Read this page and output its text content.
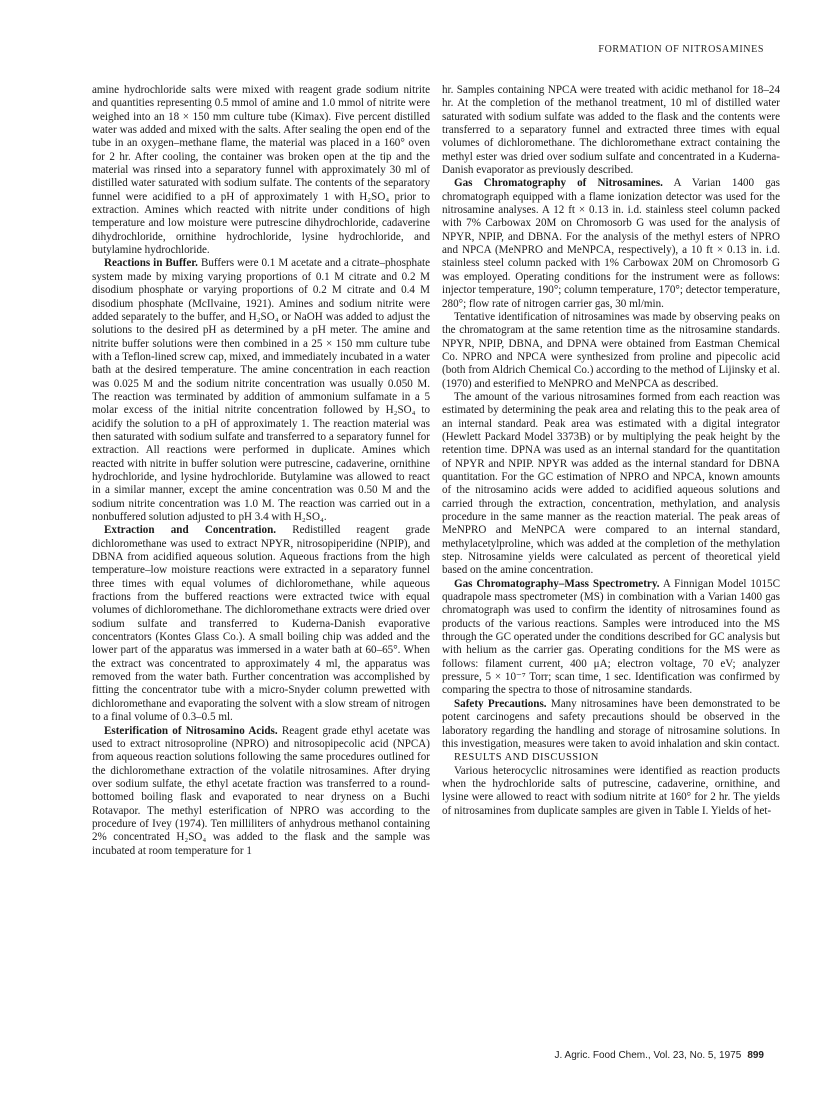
FORMATION OF NITROSAMINES

amine hydrochloride salts were mixed with reagent grade sodium nitrite and quantities representing 0.5 mmol of amine and 1.0 mmol of nitrite were weighed into an 18 × 150 mm culture tube (Kimax). Five percent distilled water was added and mixed with the salts. After sealing the open end of the tube in an oxygen–methane flame, the material was placed in a 160° oven for 2 hr. After cooling, the container was broken open at the tip and the material was rinsed into a separatory funnel with approximately 30 ml of distilled water saturated with sodium sulfate. The contents of the separatory funnel were acidified to a pH of approximately 1 with H₂SO₄ prior to extraction. Amines which reacted with nitrite under conditions of high temperature and low moisture were putrescine dihydrochloride, cadaverine dihydrochloride, ornithine hydrochloride, lysine hydrochloride, and butylamine hydrochloride.

Reactions in Buffer. Buffers were 0.1 M acetate and a citrate–phosphate system made by mixing varying proportions of 0.1 M citrate and 0.2 M disodium phosphate or varying proportions of 0.2 M citrate and 0.4 M disodium phosphate (McIlvaine, 1921). Amines and sodium nitrite were added separately to the buffer, and H₂SO₄ or NaOH was added to adjust the solutions to the desired pH as determined by a pH meter. The amine and nitrite buffer solutions were then combined in a 25 × 150 mm culture tube with a Teflon-lined screw cap, mixed, and immediately incubated in a water bath at the desired temperature. The amine concentration in each reaction was 0.025 M and the sodium nitrite concentration was usually 0.050 M. The reaction was terminated by addition of ammonium sulfamate in a 5 molar excess of the initial nitrite concentration followed by H₂SO₄ to acidify the solution to a pH of approximately 1. The reaction material was then saturated with sodium sulfate and transferred to a separatory funnel for extraction. All reactions were performed in duplicate. Amines which reacted with nitrite in buffer solution were putrescine, cadaverine, ornithine hydrochloride, and lysine hydrochloride. Butylamine was allowed to react in a similar manner, except the amine concentration was 0.50 M and the sodium nitrite concentration was 1.0 M. The reaction was carried out in a nonbuffered solution adjusted to pH 3.4 with H₂SO₄.

Extraction and Concentration. Redistilled reagent grade dichloromethane was used to extract NPYR, nitrosopiperidine (NPIP), and DBNA from acidified aqueous solution. Aqueous fractions from the high temperature–low moisture reactions were extracted in a separatory funnel three times with equal volumes of dichloromethane, while aqueous fractions from the buffered reactions were extracted twice with equal volumes of dichloromethane. The dichloromethane extracts were dried over sodium sulfate and transferred to Kuderna-Danish evaporative concentrators (Kontes Glass Co.). A small boiling chip was added and the lower part of the apparatus was immersed in a water bath at 60–65°. When the extract was concentrated to approximately 4 ml, the apparatus was removed from the water bath. Further concentration was accomplished by fitting the concentrator tube with a micro-Snyder column prewetted with dichloromethane and evaporating the solvent with a slow stream of nitrogen to a final volume of 0.3–0.5 ml.

Esterification of Nitrosamino Acids. Reagent grade ethyl acetate was used to extract nitrosoproline (NPRO) and nitrosopipecolic acid (NPCA) from aqueous reaction solutions following the same procedures outlined for the dichloromethane extraction of the volatile nitrosamines. After drying over sodium sulfate, the ethyl acetate fraction was transferred to a round-bottomed boiling flask and evaporated to near dryness on a Buchi Rotavapor. The methyl esterification of NPRO was according to the procedure of Ivey (1974). Ten milliliters of anhydrous methanol containing 2% concentrated H₂SO₄ was added to the flask and the sample was incubated at room temperature for 1

hr. Samples containing NPCA were treated with acidic methanol for 18–24 hr. At the completion of the methanol treatment, 10 ml of distilled water saturated with sodium sulfate was added to the flask and the contents were transferred to a separatory funnel and extracted three times with equal volumes of dichloromethane. The dichloromethane extract containing the methyl ester was dried over sodium sulfate and concentrated in a Kuderna-Danish evaporator as previously described.

Gas Chromatography of Nitrosamines. A Varian 1400 gas chromatograph equipped with a flame ionization detector was used for the nitrosamine analyses. A 12 ft × 0.13 in. i.d. stainless steel column packed with 7% Carbowax 20M on Chromosorb G was used for the analysis of NPYR, NPIP, and DBNA. For the analysis of the methyl esters of NPRO and NPCA (MeNPRO and MeNPCA, respectively), a 10 ft × 0.13 in. i.d. stainless steel column packed with 1% Carbowax 20M on Chromosorb G was employed. Operating conditions for the instrument were as follows: injector temperature, 190°; column temperature, 170°; detector temperature, 280°; flow rate of nitrogen carrier gas, 30 ml/min.

Tentative identification of nitrosamines was made by observing peaks on the chromatogram at the same retention time as the nitrosamine standards. NPYR, NPIP, DBNA, and DPNA were obtained from Eastman Chemical Co. NPRO and NPCA were synthesized from proline and pipecolic acid (both from Aldrich Chemical Co.) according to the method of Lijinsky et al. (1970) and esterified to MeNPRO and MeNPCA as described.

The amount of the various nitrosamines formed from each reaction was estimated by determining the peak area and relating this to the peak area of an internal standard. Peak area was estimated with a digital integrator (Hewlett Packard Model 3373B) or by multiplying the peak height by the retention time. DPNA was used as an internal standard for the quantitation of NPYR and NPIP. NPYR was added as the internal standard for DBNA quantitation. For the GC estimation of NPRO and NPCA, known amounts of the nitrosamino acids were added to acidified aqueous solutions and carried through the extraction, concentration, methylation, and analysis procedure in the same manner as the reaction material. The peak areas of MeNPRO and MeNPCA were compared to an internal standard, methylacetylproline, which was added at the completion of the methylation step. Nitrosamine yields were calculated as percent of theoretical yield based on the amine concentration.

Gas Chromatography–Mass Spectrometry. A Finnigan Model 1015C quadrapole mass spectrometer (MS) in combination with a Varian 1400 gas chromatograph was used to confirm the identity of nitrosamines found as products of the various reactions. Samples were introduced into the MS through the GC operated under the conditions described for GC analysis but with helium as the carrier gas. Operating conditions for the MS were as follows: filament current, 400 μA; electron voltage, 70 eV; analyzer pressure, 5 × 10⁻⁷ Torr; scan time, 1 sec. Identification was confirmed by comparing the spectra to those of nitrosamine standards.

Safety Precautions. Many nitrosamines have been demonstrated to be potent carcinogens and safety precautions should be observed in the laboratory regarding the handling and storage of nitrosamine solutions. In this investigation, measures were taken to avoid inhalation and skin contact.

RESULTS AND DISCUSSION

Various heterocyclic nitrosamines were identified as reaction products when the hydrochloride salts of putrescine, cadaverine, ornithine, and lysine were allowed to react with sodium nitrite at 160° for 2 hr. The yields of nitrosamines from duplicate samples are given in Table I. Yields of het-

J. Agric. Food Chem., Vol. 23, No. 5, 1975 899
